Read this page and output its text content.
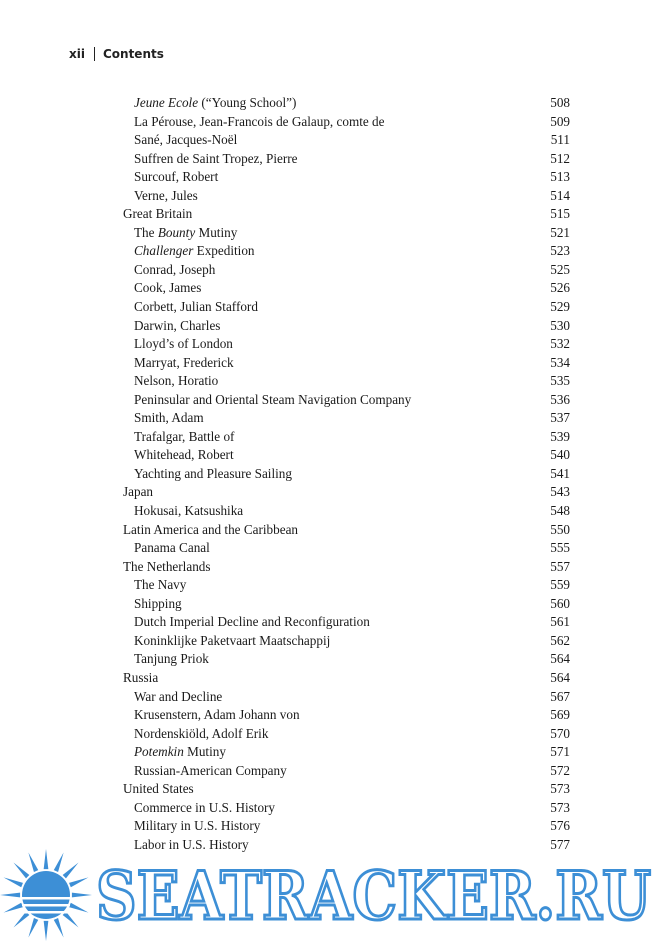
xii Contents
Jeune Ecole (“Young School”)	508
La Pérouse, Jean-Francois de Galaup, comte de	509
Sané, Jacques-Noël	511
Suffren de Saint Tropez, Pierre	512
Surcouf, Robert	513
Verne, Jules	514
Great Britain	515
The Bounty Mutiny	521
Challenger Expedition	523
Conrad, Joseph	525
Cook, James	526
Corbett, Julian Stafford	529
Darwin, Charles	530
Lloyd’s of London	532
Marryat, Frederick	534
Nelson, Horatio	535
Peninsular and Oriental Steam Navigation Company	536
Smith, Adam	537
Trafalgar, Battle of	539
Whitehead, Robert	540
Yachting and Pleasure Sailing	541
Japan	543
Hokusai, Katsushika	548
Latin America and the Caribbean	550
Panama Canal	555
The Netherlands	557
The Navy	559
Shipping	560
Dutch Imperial Decline and Reconfiguration	561
Koninklijke Paketvaart Maatschappij	562
Tanjung Priok	564
Russia	564
War and Decline	567
Krusenstern, Adam Johann von	569
Nordenskiöld, Adolf Erik	570
Potemkin Mutiny	571
Russian-American Company	572
United States	573
Commerce in U.S. History	573
Military in U.S. History	576
Labor in U.S. History	577
SEATRACKER.RU
